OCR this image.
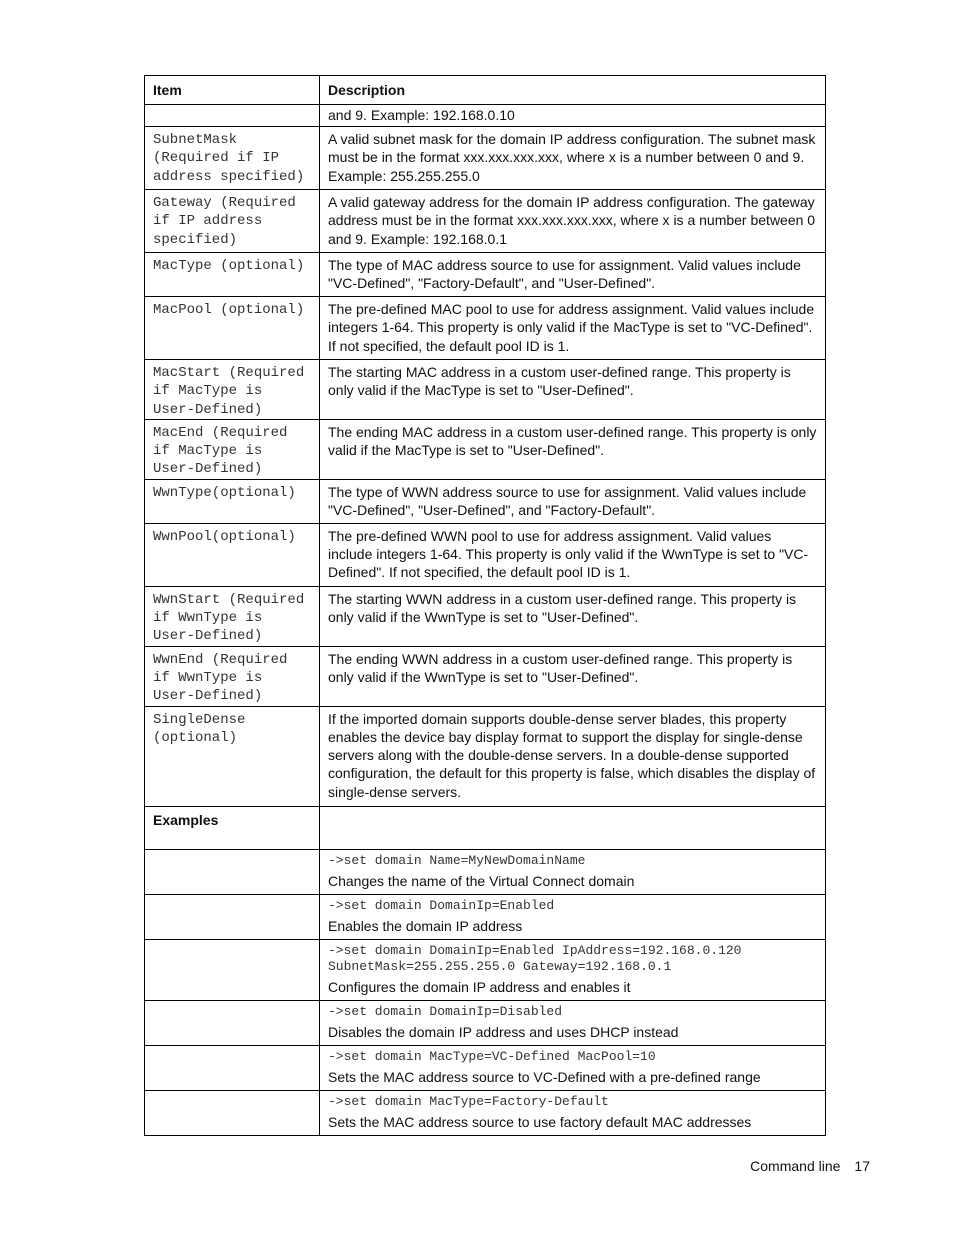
Item	Description
	and 9. Example: 192.168.0.10
SubnetMask
(Required if IP
address specified)	A valid subnet mask for the domain IP address configuration. The subnet mask must be in the format xxx.xxx.xxx.xxx, where x is a number between 0 and 9. Example: 255.255.255.0
Gateway (Required
if IP address
specified)	A valid gateway address for the domain IP address configuration. The gateway address must be in the format xxx.xxx.xxx.xxx, where x is a number between 0 and 9. Example: 192.168.0.1
MacType (optional)	The type of MAC address source to use for assignment. Valid values include "VC-Defined", "Factory-Default", and "User-Defined".
MacPool (optional)	The pre-defined MAC pool to use for address assignment. Valid values include integers 1-64. This property is only valid if the MacType is set to "VC-Defined". If not specified, the default pool ID is 1.
MacStart (Required
if MacType is
User-Defined)	The starting MAC address in a custom user-defined range. This property is only valid if the MacType is set to "User-Defined".
MacEnd (Required
if MacType is
User-Defined)	The ending MAC address in a custom user-defined range. This property is only valid if the MacType is set to "User-Defined".
WwnType(optional)	The type of WWN address source to use for assignment. Valid values include "VC-Defined", "User-Defined", and "Factory-Default".
WwnPool(optional)	The pre-defined WWN pool to use for address assignment. Valid values include integers 1-64. This property is only valid if the WwnType is set to "VC-Defined". If not specified, the default pool ID is 1.
WwnStart (Required
if WwnType is
User-Defined)	The starting WWN address in a custom user-defined range. This property is only valid if the WwnType is set to "User-Defined".
WwnEnd (Required
if WwnType is
User-Defined)	The ending WWN address in a custom user-defined range. This property is only valid if the WwnType is set to "User-Defined".
SingleDense
(optional)	If the imported domain supports double-dense server blades, this property enables the device bay display format to support the display for single-dense servers along with the double-dense servers. In a double-dense supported configuration, the default for this property is false, which disables the display of single-dense servers.
Examples	

	->set domain Name=MyNewDomainName
Changes the name of the Virtual Connect domain

	->set domain DomainIp=Enabled
Enables the domain IP address

	->set domain DomainIp=Enabled IpAddress=192.168.0.120
SubnetMask=255.255.255.0 Gateway=192.168.0.1
Configures the domain IP address and enables it

	->set domain DomainIp=Disabled
Disables the domain IP address and uses DHCP instead

	->set domain MacType=VC-Defined MacPool=10
Sets the MAC address source to VC-Defined with a pre-defined range

	->set domain MacType=Factory-Default
Sets the MAC address source to use factory default MAC addresses
Command line 17
